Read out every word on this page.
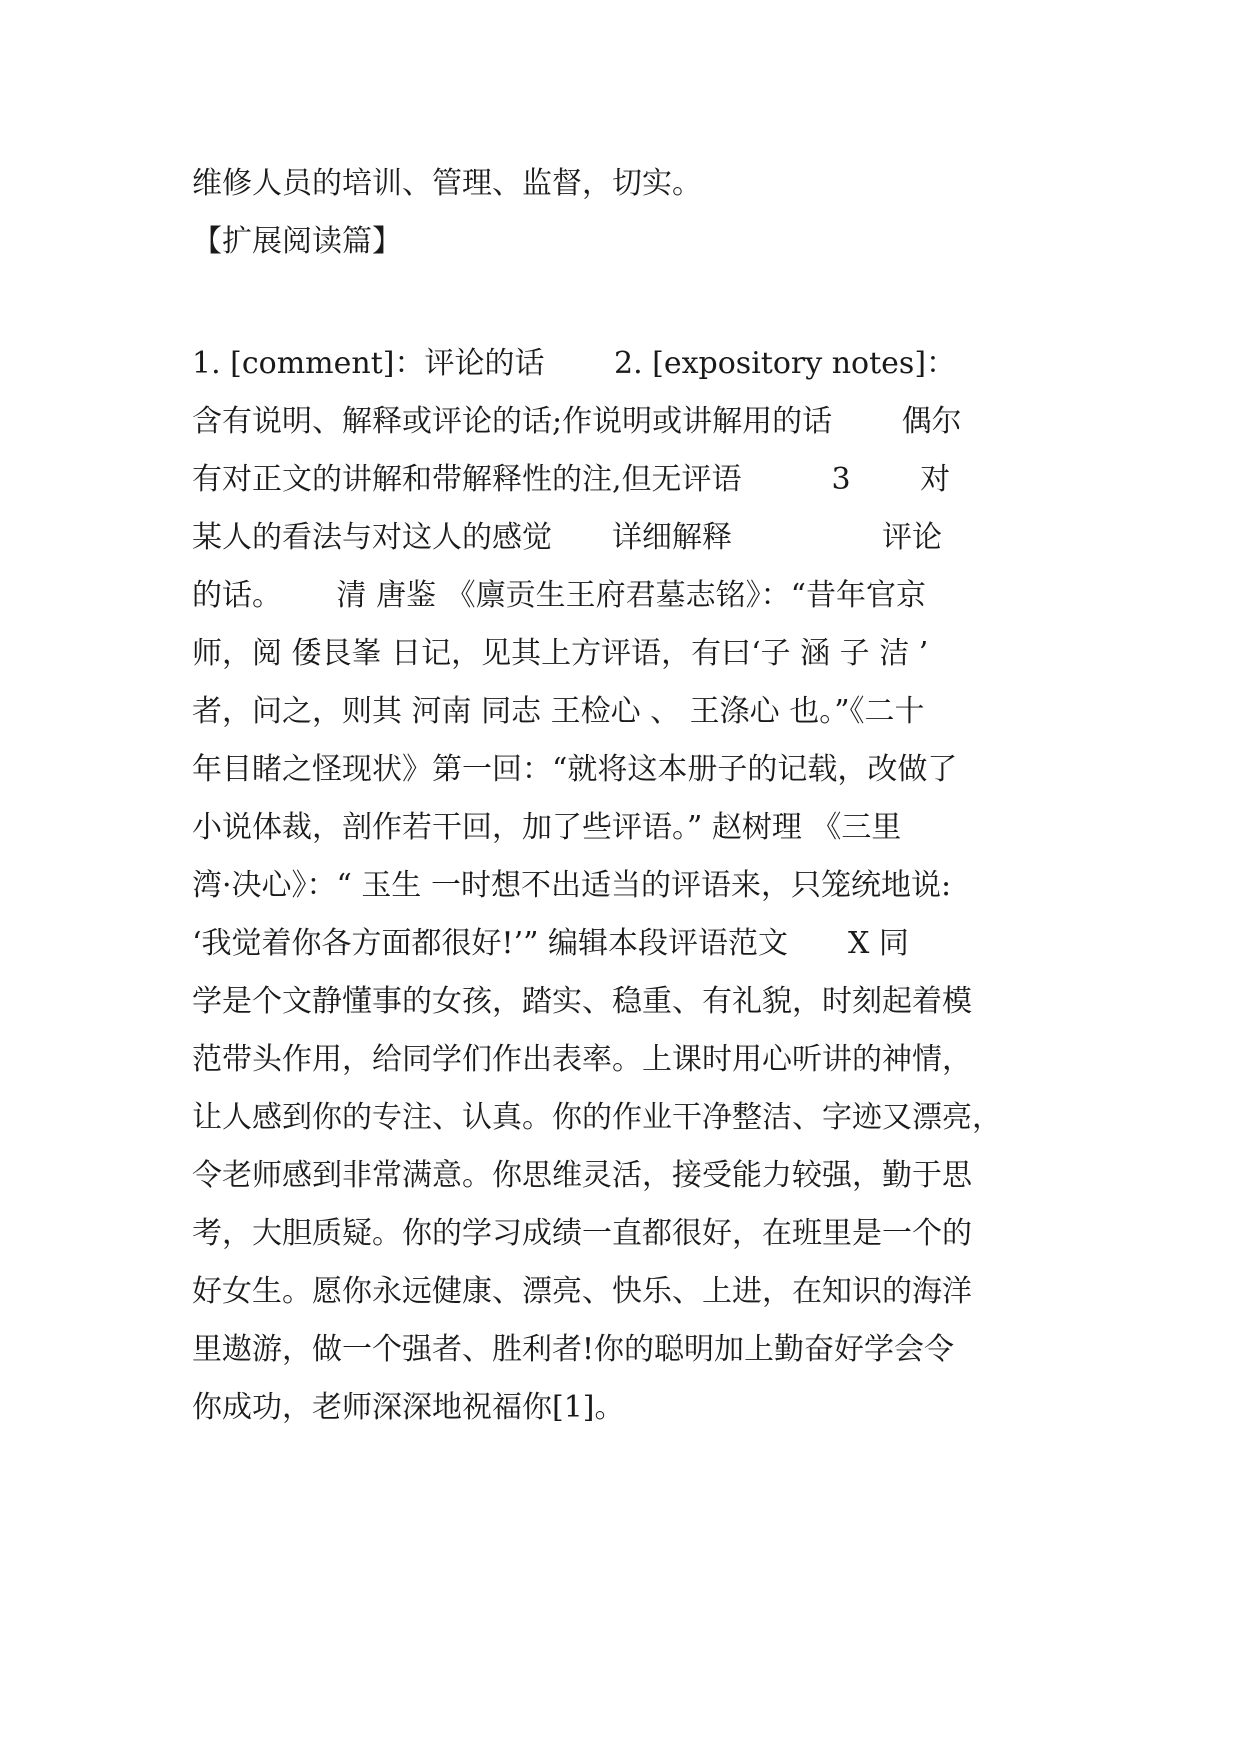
维修人员的培训、管理、监督，切实。
【扩展阅读篇】
1. [comment]：评论的话　　 2. [expository notes]：
含有说明、解释或评论的话;作说明或讲解用的话　　 偶尔
有对正文的讲解和带解释性的注,但无评语　　　3　　 对
某人的看法与对这人的感觉　　详细解释　　　　　评论
的话。　　 清 唐鉴 《廪贡生王府君墓志铭》：“昔年官京
师，阅 倭艮峯 日记，见其上方评语，有曰‘子 涵 子 洁 ’
者，问之，则其 河南 同志 王检心 、 王涤心 也。”《二十
年目睹之怪现状》第一回：“就将这本册子的记载，改做了
小说体裁，剖作若干回，加了些评语。” 赵树理 《三里
湾·决心》：“ 玉生 一时想不出适当的评语来，只笼统地说:
‘我觉着你各方面都很好!’” 编辑本段评语范文　　X 同
学是个文静懂事的女孩，踏实、稳重、有礼貌，时刻起着模
范带头作用，给同学们作出表率。上课时用心听讲的神情，
让人感到你的专注、认真。你的作业干净整洁、字迹又漂亮，
令老师感到非常满意。你思维灵活，接受能力较强，勤于思
考，大胆质疑。你的学习成绩一直都很好，在班里是一个的
好女生。愿你永远健康、漂亮、快乐、上进，在知识的海洋
里遨游，做一个强者、胜利者!你的聪明加上勤奋好学会令
你成功，老师深深地祝福你[1]。
